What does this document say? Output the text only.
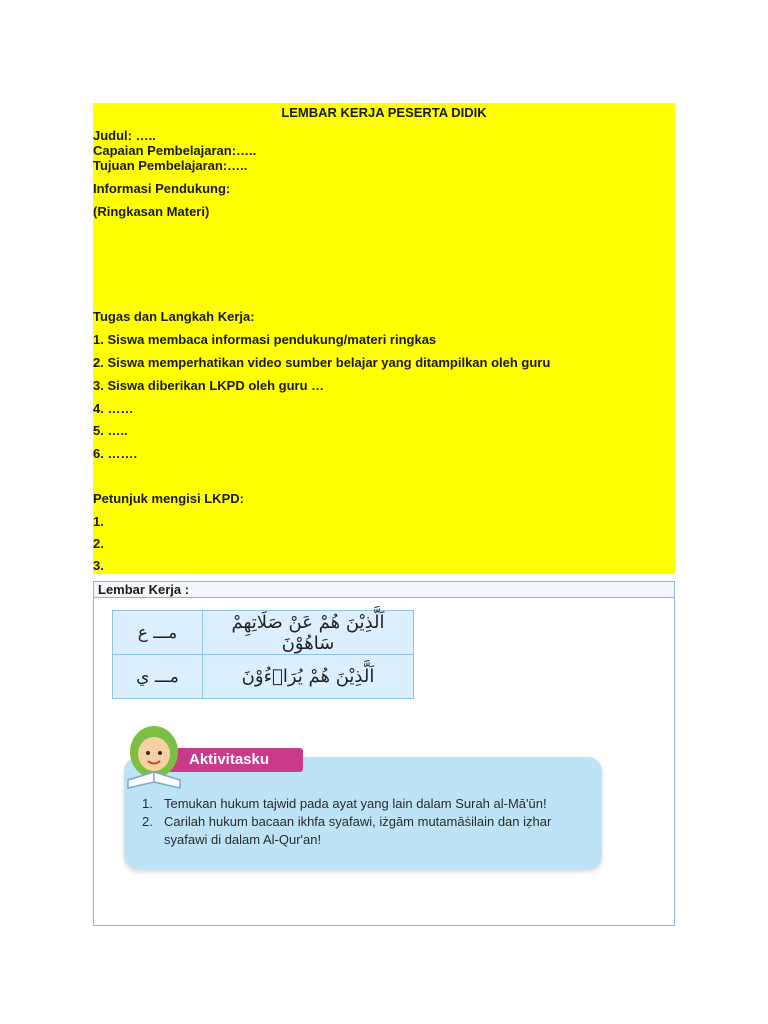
LEMBAR KERJA PESERTA DIDIK
Judul: …..
Capaian Pembelajaran:…..
Tujuan Pembelajaran:…..
Informasi Pendukung:
(Ringkasan Materi)
Tugas dan Langkah Kerja:
1. Siswa membaca informasi pendukung/materi ringkas
2. Siswa memperhatikan video sumber belajar yang ditampilkan oleh guru
3. Siswa diberikan LKPD oleh guru …
4. ……
5. …..
6. …….
Petunjuk mengisi LKPD:
1.
2.
3.
Lembar Kerja :
مـــ ع	اَلَّذِيْنَ هُمْ عَنْ صَلَاتِهِمْ سَاهُوْنَ
مـــ ي	اَلَّذِيْنَ هُمْ يُرَاۤءُوْنَ
1. Temukan hukum tajwid pada ayat yang lain dalam Surah al-Mā'ūn!
2. Carilah hukum bacaan ikhfa syafawi, iżgām mutamāṡilain dan iẓhar syafawi di dalam Al-Qur'an!
Aktivitasku
